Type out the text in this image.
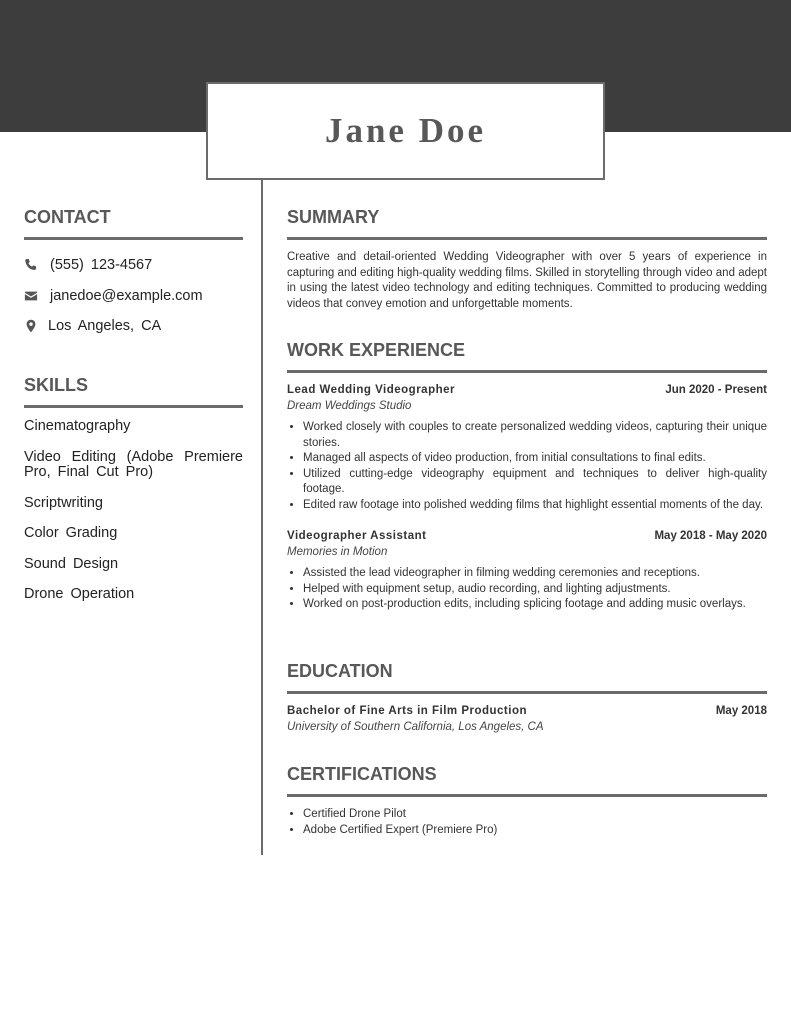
Jane Doe
CONTACT
(555) 123-4567
janedoe@example.com
Los Angeles, CA
SKILLS
Cinematography
Video Editing (Adobe Premiere Pro, Final Cut Pro)
Scriptwriting
Color Grading
Sound Design
Drone Operation
SUMMARY

Creative and detail-oriented Wedding Videographer with over 5 years of experience in capturing and editing high-quality wedding films. Skilled in storytelling through video and adept in using the latest video technology and editing techniques. Committed to producing wedding videos that convey emotion and unforgettable moments.

WORK EXPERIENCE
Lead Wedding Videographer	Jun 2020 - Present
Dream Weddings Studio
• Worked closely with couples to create personalized wedding videos, capturing their unique stories.
• Managed all aspects of video production, from initial consultations to final edits.
• Utilized cutting-edge videography equipment and techniques to deliver high-quality footage.
• Edited raw footage into polished wedding films that highlight essential moments of the day.
Videographer Assistant	May 2018 - May 2020
Memories in Motion
• Assisted the lead videographer in filming wedding ceremonies and receptions.
• Helped with equipment setup, audio recording, and lighting adjustments.
• Worked on post-production edits, including splicing footage and adding music overlays.
EDUCATION
Bachelor of Fine Arts in Film Production	May 2018
University of Southern California, Los Angeles, CA
CERTIFICATIONS
• Certified Drone Pilot
• Adobe Certified Expert (Premiere Pro)
